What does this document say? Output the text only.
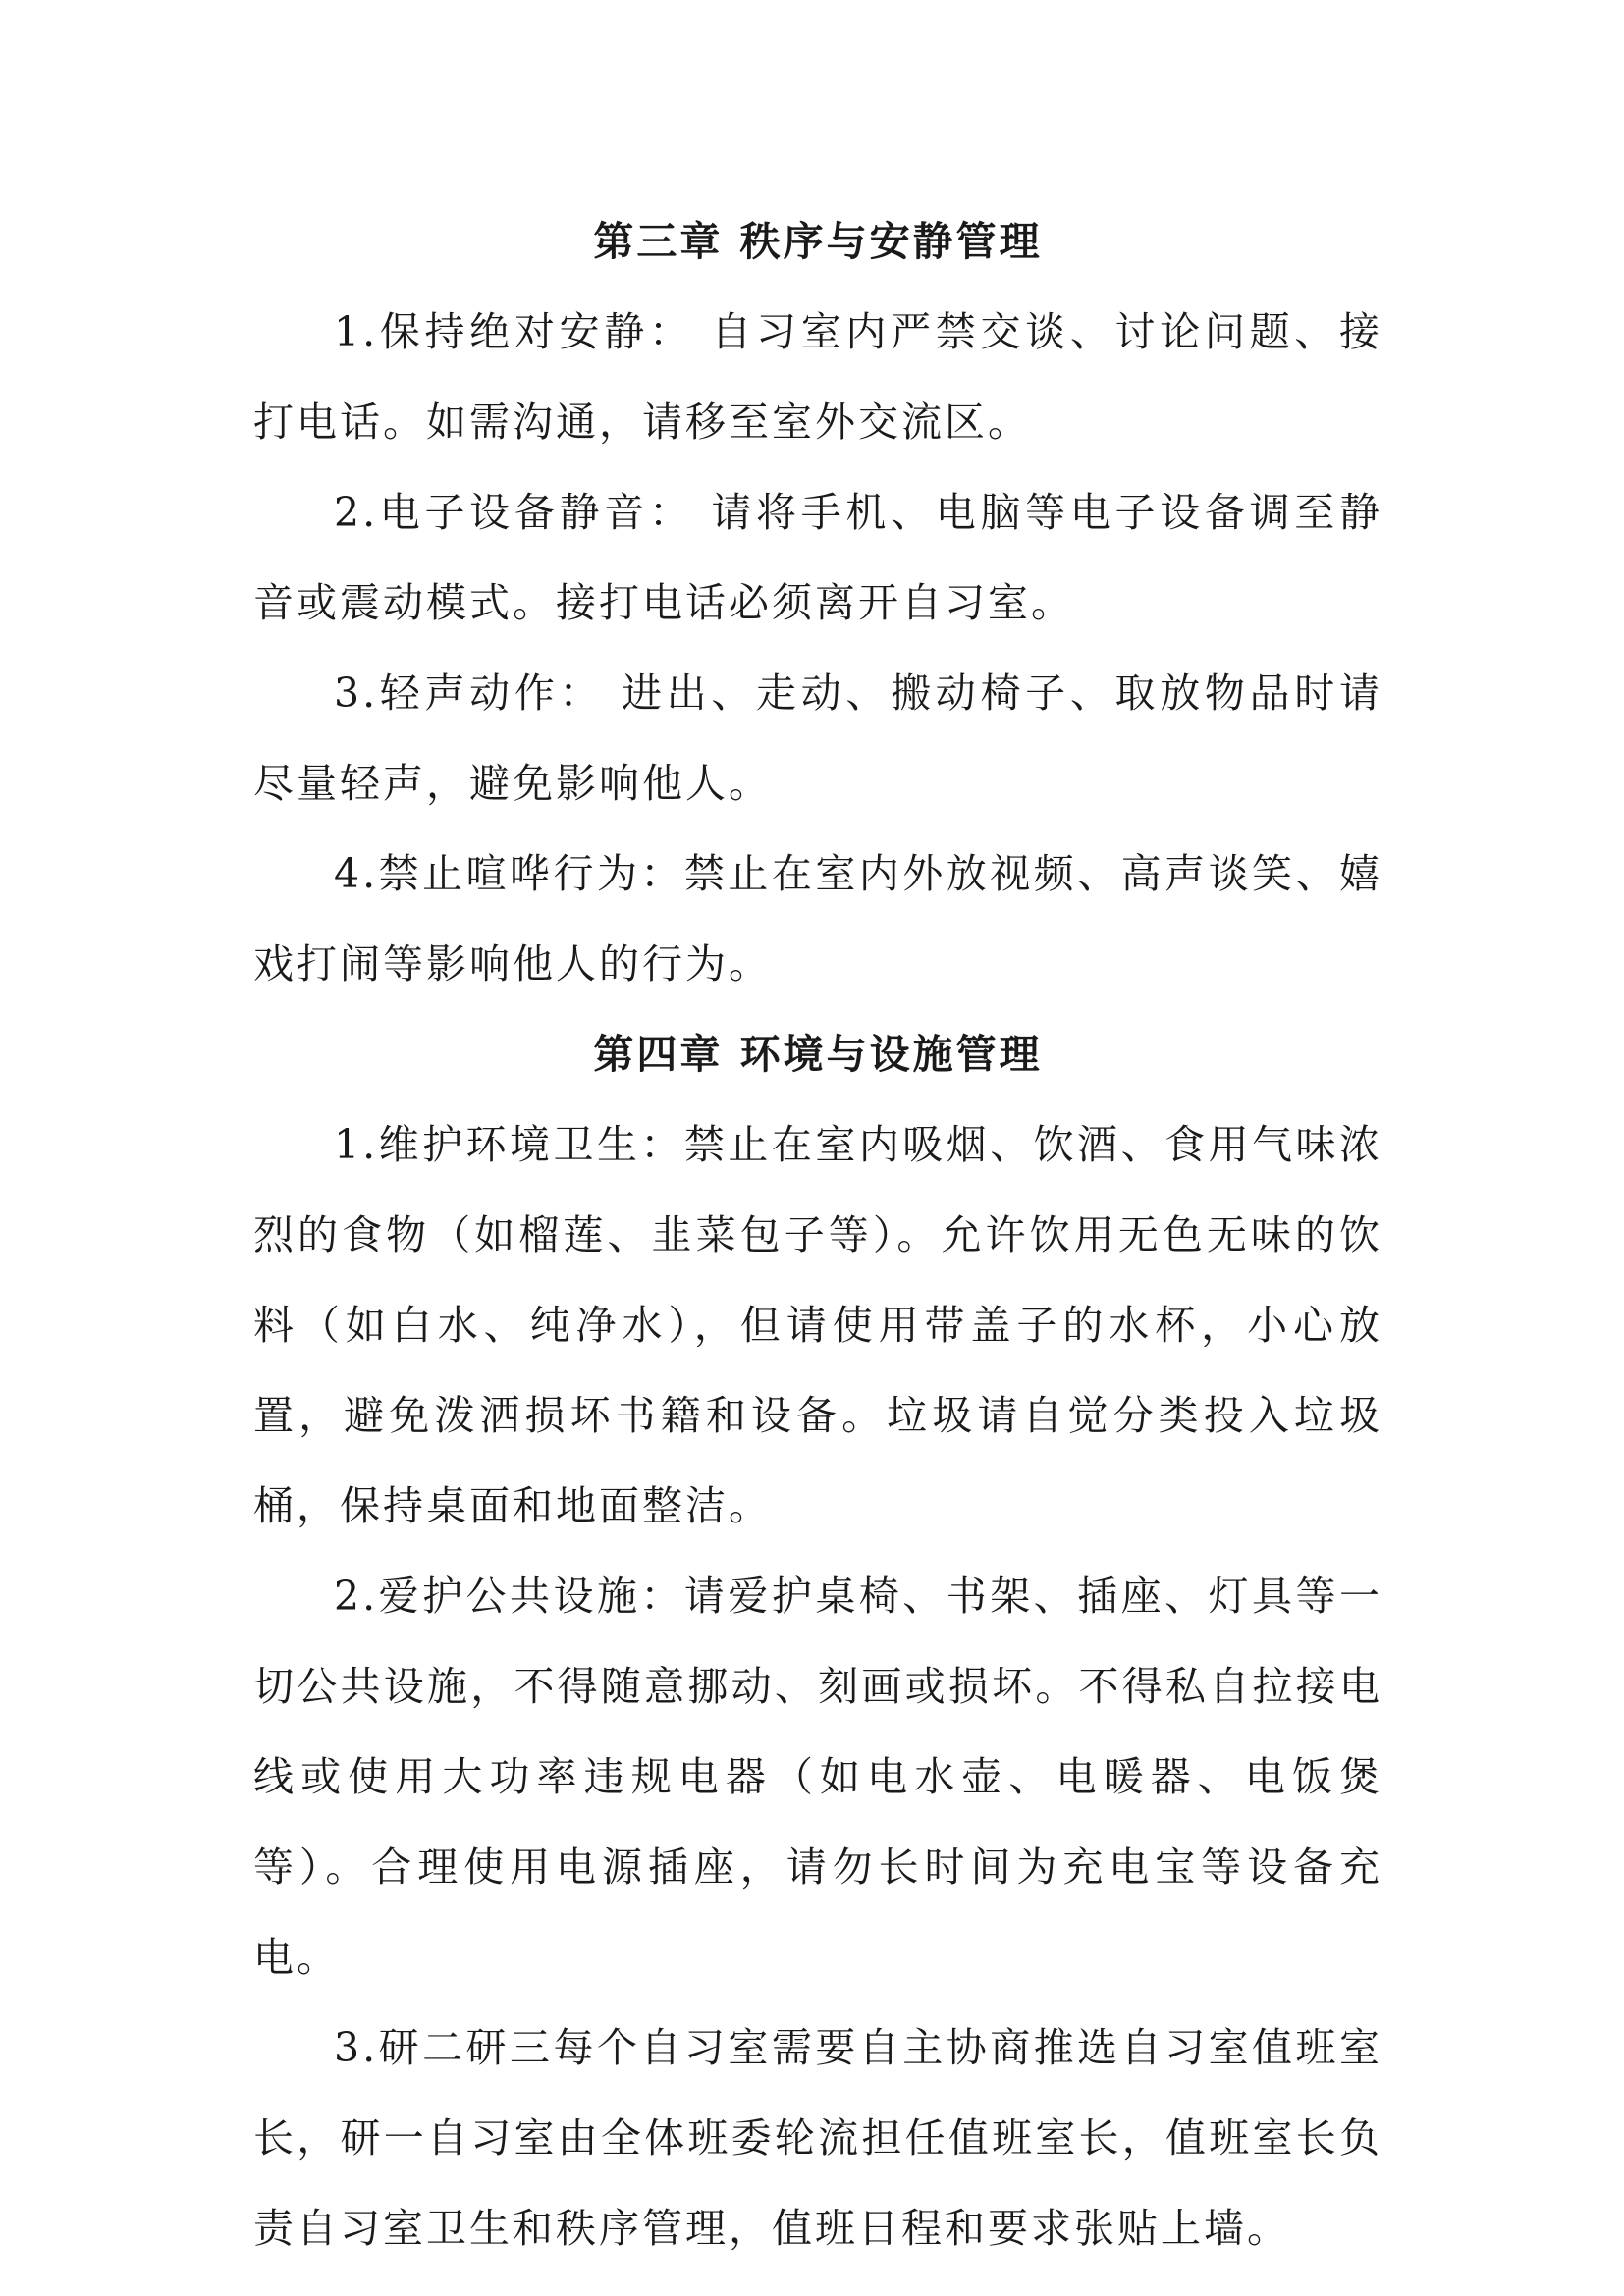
第三章 秩序与安静管理

1.保持绝对安静： 自习室内严禁交谈、讨论问题、接打电话。如需沟通，请移至室外交流区。

2.电子设备静音： 请将手机、电脑等电子设备调至静音或震动模式。接打电话必须离开自习室。

3.轻声动作： 进出、走动、搬动椅子、取放物品时请尽量轻声，避免影响他人。

4.禁止喧哗行为：禁止在室内外放视频、高声谈笑、嬉戏打闹等影响他人的行为。

第四章 环境与设施管理

1.维护环境卫生：禁止在室内吸烟、饮酒、食用气味浓烈的食物（如榴莲、韭菜包子等）。允许饮用无色无味的饮料（如白水、纯净水），但请使用带盖子的水杯，小心放置，避免泼洒损坏书籍和设备。垃圾请自觉分类投入垃圾桶，保持桌面和地面整洁。

2.爱护公共设施：请爱护桌椅、书架、插座、灯具等一切公共设施，不得随意挪动、刻画或损坏。不得私自拉接电线或使用大功率违规电器（如电水壶、电暖器、电饭煲等）。合理使用电源插座，请勿长时间为充电宝等设备充电。

3.研二研三每个自习室需要自主协商推选自习室值班室长，研一自习室由全体班委轮流担任值班室长，值班室长负责自习室卫生和秩序管理，值班日程和要求张贴上墙。
